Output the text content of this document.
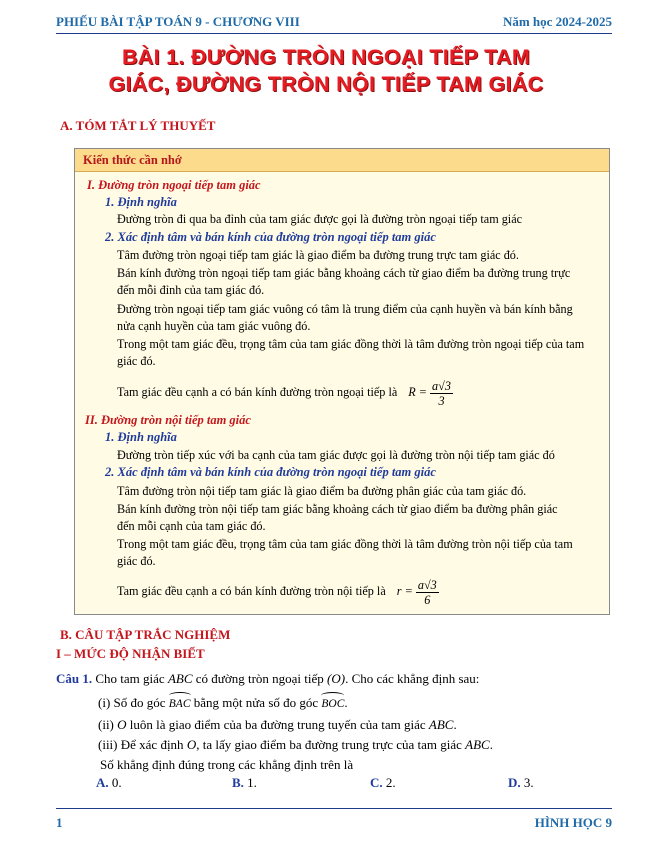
PHIẾU BÀI TẬP TOÁN 9 - CHƯƠNG VIII	Năm học 2024-2025
BÀI 1. ĐƯỜNG TRÒN NGOẠI TIẾP TAM
GIÁC, ĐƯỜNG TRÒN NỘI TIẾP TAM GIÁC
A. TÓM TẮT LÝ THUYẾT
Kiến thức cần nhớ
I. Đường tròn ngoại tiếp tam giác
1. Định nghĩa
Đường tròn đi qua ba đỉnh của tam giác được gọi là đường tròn ngoại tiếp tam giác
2. Xác định tâm và bán kính của đường tròn ngoại tiếp tam giác
Tâm đường tròn ngoại tiếp tam giác là giao điểm ba đường trung trực tam giác đó.
Bán kính đường tròn ngoại tiếp tam giác bằng khoảng cách từ giao điểm ba đường trung trực
đến mỗi đỉnh của tam giác đó.
Đường tròn ngoại tiếp tam giác vuông có tâm là trung điểm của cạnh huyền và bán kính bằng
nửa cạnh huyền của tam giác vuông đó.
Trong một tam giác đều, trọng tâm của tam giác đồng thời là tâm đường tròn ngoại tiếp của tam
giác đó.
Tam giác đều cạnh a có bán kính đường tròn ngoại tiếp là $R = \frac{a√3}{3}$
II. Đường tròn nội tiếp tam giác
1. Định nghĩa
Đường tròn tiếp xúc với ba cạnh của tam giác được gọi là đường tròn nội tiếp tam giác đó
2. Xác định tâm và bán kính của đường tròn ngoại tiếp tam giác
Tâm đường tròn nội tiếp tam giác là giao điểm ba đường phân giác của tam giác đó.
Bán kính đường tròn nội tiếp tam giác bằng khoảng cách từ giao điểm ba đường phân giác
đến mỗi cạnh của tam giác đó.
Trong một tam giác đều, trọng tâm của tam giác đồng thời là tâm đường tròn nội tiếp của tam
giác đó.
Tam giác đều cạnh a có bán kính đường tròn nội tiếp là $r = \frac{a√3}{6}$
B. CÂU TẬP TRẮC NGHIỆM
I – MỨC ĐỘ NHẬN BIẾT
Câu 1. Cho tam giác ABC có đường tròn ngoại tiếp (O). Cho các khẳng định sau:
(i) Số đo góc BAC bằng một nửa số đo góc BOC.
(ii) O luôn là giao điểm của ba đường trung tuyến của tam giác ABC.
(iii) Để xác định O, ta lấy giao điểm ba đường trung trực của tam giác ABC.
Số khẳng định đúng trong các khẳng định trên là
A. 0.	B. 1.	C. 2.	D. 3.
1	HÌNH HỌC 9
